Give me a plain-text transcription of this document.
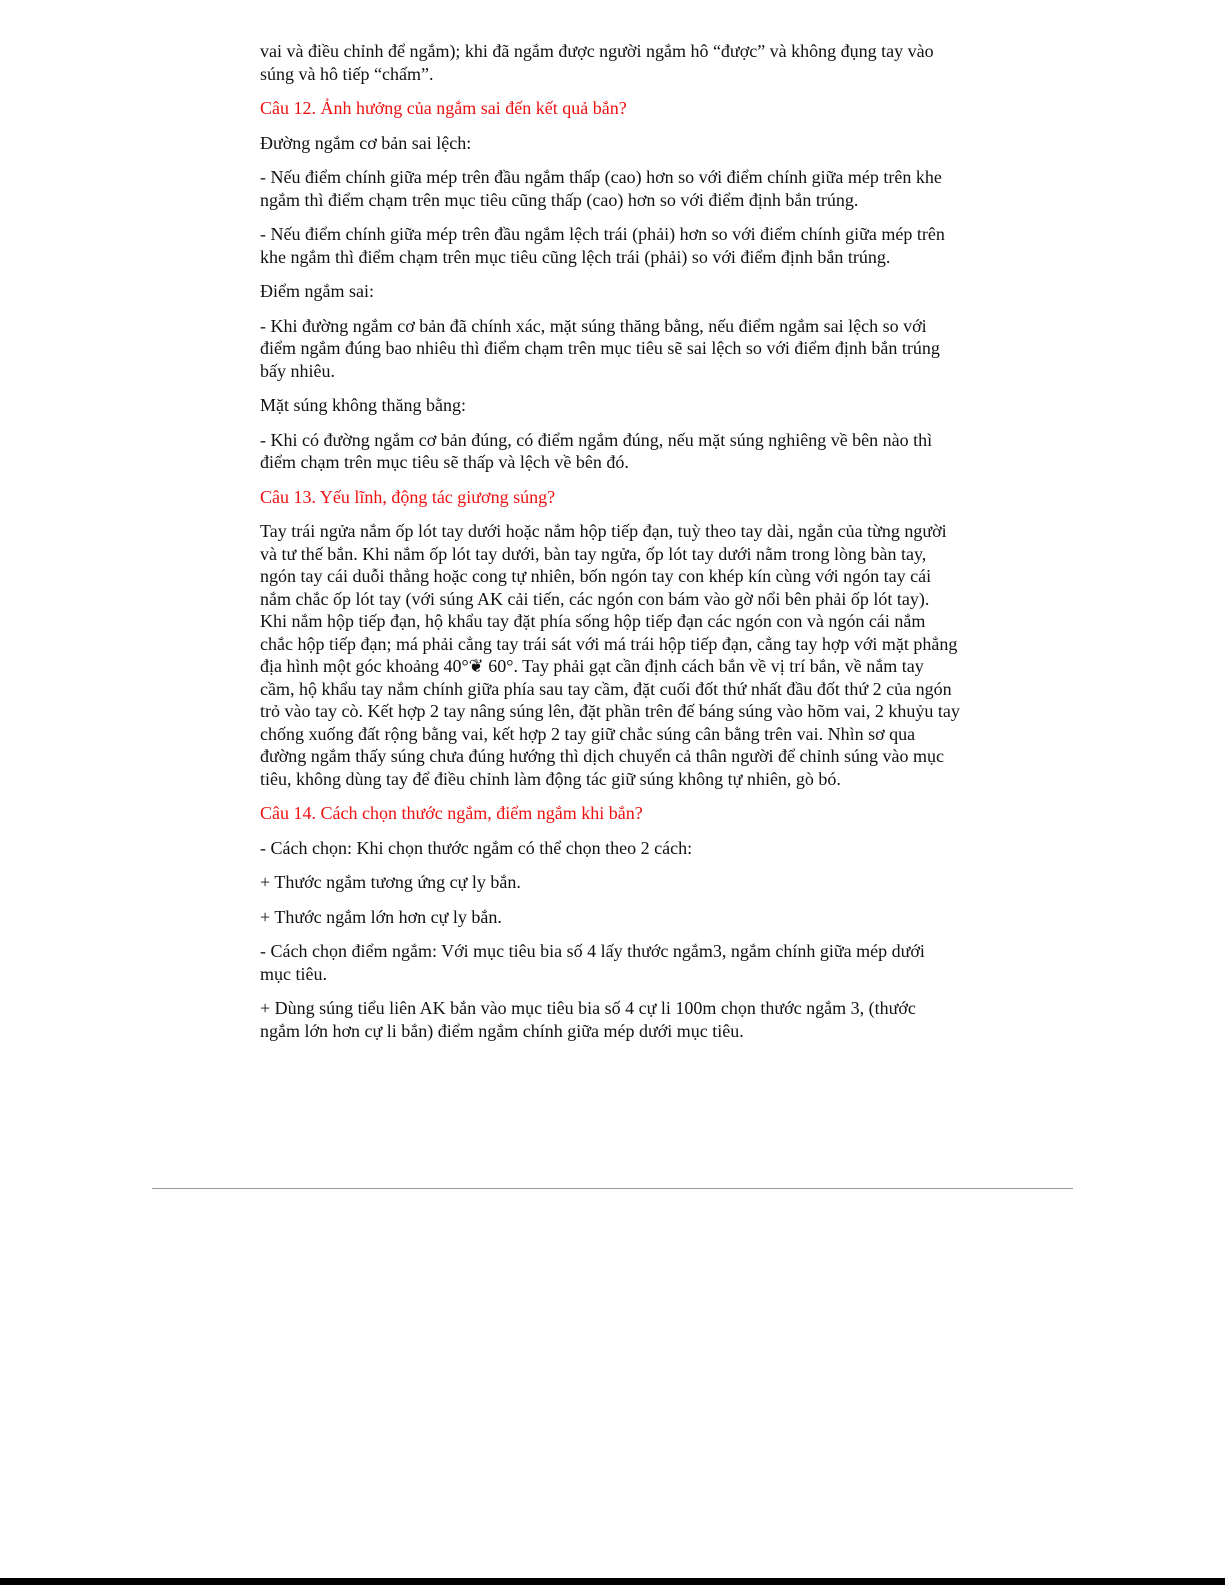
vai và điều chỉnh để ngắm); khi đã ngắm được người ngắm hô “được” và không đụng tay vào súng và hô tiếp “chấm”.

Câu 12. Ảnh hưởng của ngắm sai đến kết quả bắn?

Đường ngắm cơ bản sai lệch:

- Nếu điểm chính giữa mép trên đầu ngắm thấp (cao) hơn so với điểm chính giữa mép trên khe ngắm thì điểm chạm trên mục tiêu cũng thấp (cao) hơn so với điểm định bắn trúng.

- Nếu điểm chính giữa mép trên đầu ngắm lệch trái (phải) hơn so với điểm chính giữa mép trên khe ngắm thì điểm chạm trên mục tiêu cũng lệch trái (phải) so với điểm định bắn trúng.

Điểm ngắm sai:

- Khi đường ngắm cơ bản đã chính xác, mặt súng thăng bằng, nếu điểm ngắm sai lệch so với điểm ngắm đúng bao nhiêu thì điểm chạm trên mục tiêu sẽ sai lệch so với điểm định bắn trúng bấy nhiêu.

Mặt súng không thăng bằng:

- Khi có đường ngắm cơ bản đúng, có điểm ngắm đúng, nếu mặt súng nghiêng về bên nào thì điểm chạm trên mục tiêu sẽ thấp và lệch về bên đó.

Câu 13. Yếu lĩnh, động tác giương súng?

Tay trái ngửa nắm ốp lót tay dưới hoặc nắm hộp tiếp đạn, tuỳ theo tay dài, ngắn của từng người và tư thế bắn. Khi nắm ốp lót tay dưới, bàn tay ngửa, ốp lót tay dưới nằm trong lòng bàn tay, ngón tay cái duỗi thẳng hoặc cong tự nhiên, bốn ngón tay con khép kín cùng với ngón tay cái nắm chắc ốp lót tay (với súng AK cải tiến, các ngón con bám vào gờ nổi bên phải ốp lót tay). Khi nắm hộp tiếp đạn, hộ khẩu tay đặt phía sống hộp tiếp đạn các ngón con và ngón cái nắm chắc hộp tiếp đạn; má phải cẳng tay trái sát với má trái hộp tiếp đạn, cẳng tay hợp với mặt phẳng địa hình một góc khoảng 40°❦ 60°. Tay phải gạt cần định cách bắn về vị trí bắn, về nắm tay cầm, hộ khẩu tay nắm chính giữa phía sau tay cầm, đặt cuối đốt thứ nhất đầu đốt thứ 2 của ngón trỏ vào tay cò. Kết hợp 2 tay nâng súng lên, đặt phần trên đế báng súng vào hõm vai, 2 khuỷu tay chống xuống đất rộng bằng vai, kết hợp 2 tay giữ chắc súng cân bằng trên vai. Nhìn sơ qua đường ngắm thấy súng chưa đúng hướng thì dịch chuyển cả thân người để chỉnh súng vào mục tiêu, không dùng tay để điều chỉnh làm động tác giữ súng không tự nhiên, gò bó.

Câu 14. Cách chọn thước ngắm, điểm ngắm khi bắn?

- Cách chọn: Khi chọn thước ngắm có thể chọn theo 2 cách:

+ Thước ngắm tương ứng cự ly bắn.

+ Thước ngắm lớn hơn cự ly bắn.

- Cách chọn điểm ngắm: Với mục tiêu bia số 4 lấy thước ngắm3, ngắm chính giữa mép dưới mục tiêu.

+ Dùng súng tiểu liên AK bắn vào mục tiêu bia số 4 cự li 100m chọn thước ngắm 3, (thước ngắm lớn hơn cự li bắn) điểm ngắm chính giữa mép dưới mục tiêu.
